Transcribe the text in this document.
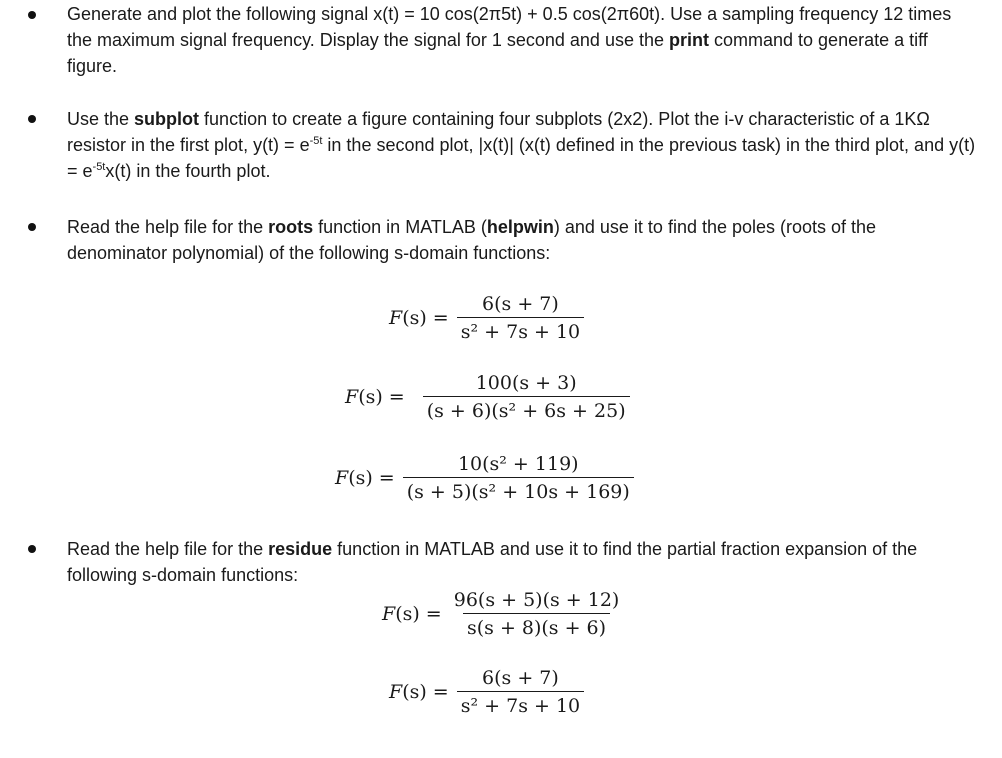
Generate and plot the following signal x(t) = 10 cos(2π5t) + 0.5 cos(2π60t). Use a sampling frequency 12 times the maximum signal frequency. Display the signal for 1 second and use the print command to generate a tiff figure.

Use the subplot function to create a figure containing four subplots (2x2). Plot the i-v characteristic of a 1KΩ resistor in the first plot, $y(t) = e^{-5t}$ in the second plot, |x(t)| (x(t) defined in the previous task) in the third plot, and $y(t) = e^{-5t}x(t)$ in the fourth plot.

Read the help file for the roots function in MATLAB (helpwin) and use it to find the poles (roots of the denominator polynomial) of the following s-domain functions:

Read the help file for the residue function in MATLAB and use it to find the partial fraction expansion of the following s-domain functions:

$F(s) = \frac{6(s + 7)}{\text{s² + 7s + 10}}$
$F(s) = \frac{100(s + 3)}{\text{(s + 6)(s² + 6s + 25)}}$
$F(s) = \frac{\text{10(s² + 119)}}{\text{(s + 5)(s² + 10s + 169)}}$
$F(s) = \frac{96(s + 5)(s + 12)}{s(s + 8)(s + 6)}$
$F(s) = \frac{6(s + 7)}{\text{s² + 7s + 10}}$
